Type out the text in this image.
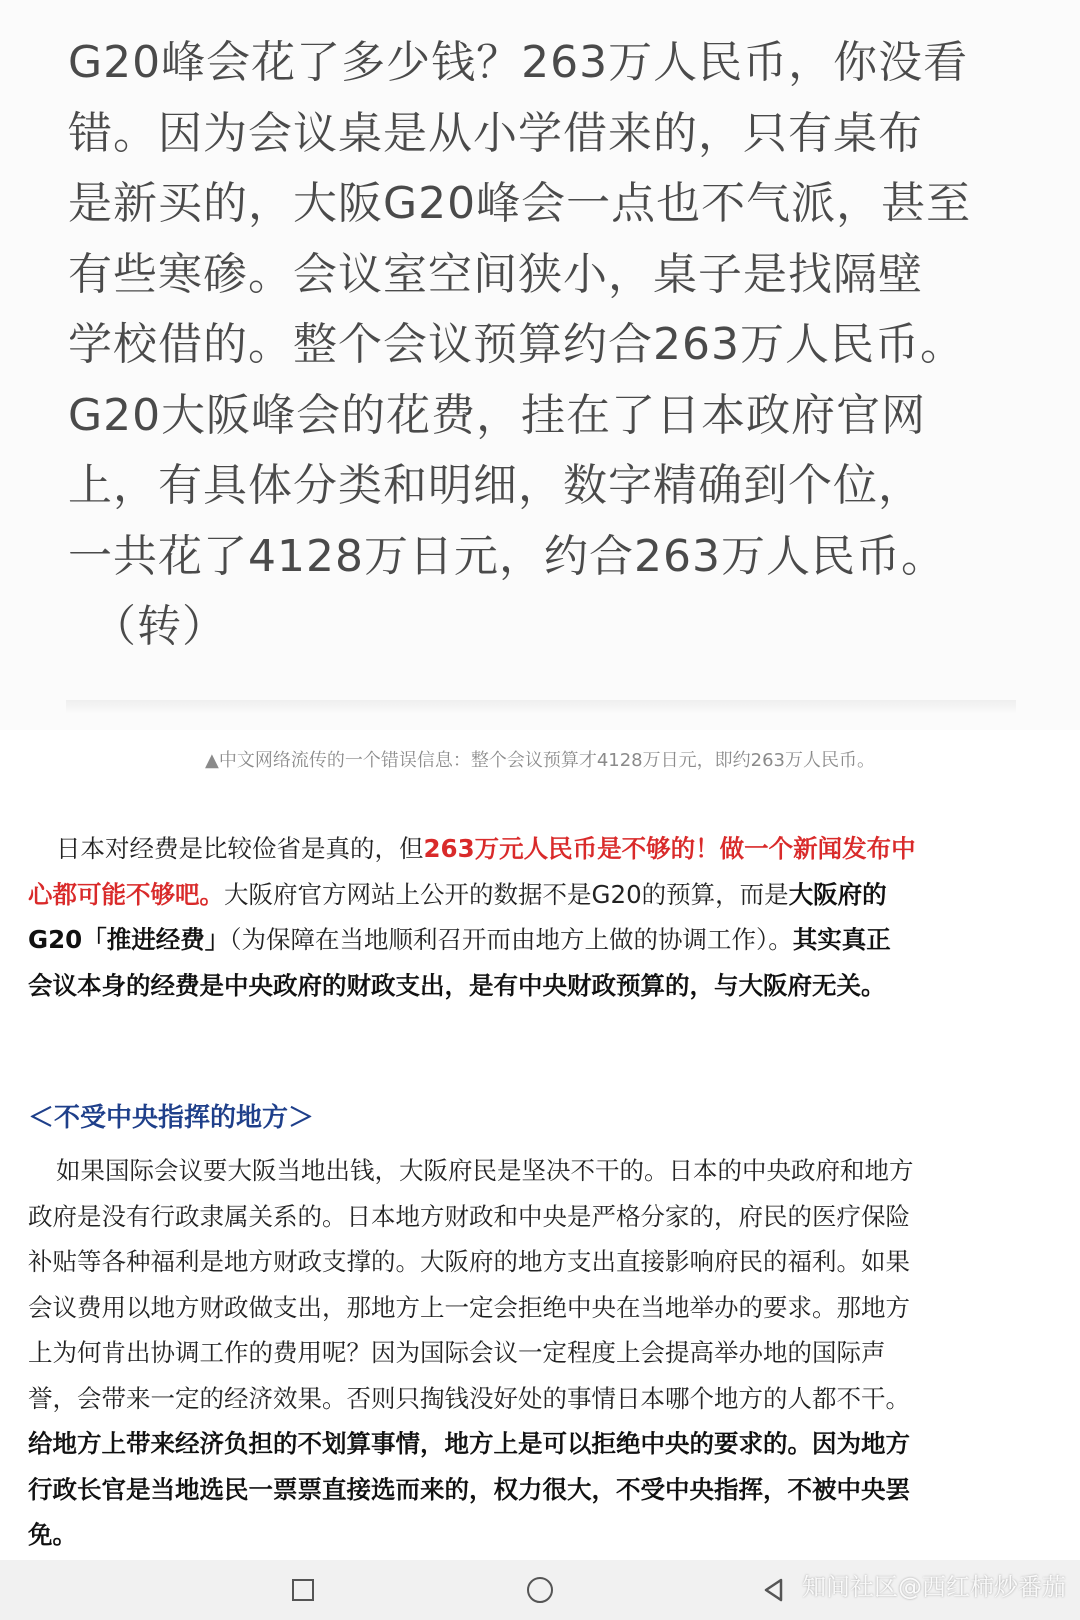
G20峰会花了多少钱？263万人民币，你没看
错。因为会议桌是从小学借来的，只有桌布
是新买的，大阪G20峰会一点也不气派，甚至
有些寒碜。会议室空间狭小，桌子是找隔壁
学校借的。整个会议预算约合263万人民币。
G20大阪峰会的花费，挂在了日本政府官网
上，有具体分类和明细，数字精确到个位，
一共花了4128万日元，约合263万人民币。
（转）
▲中文网络流传的一个错误信息：整个会议预算才4128万日元，即约263万人民币。
日本对经费是比较俭省是真的，但263万元人民币是不够的！做一个新闻发布中
心都可能不够吧。大阪府官方网站上公开的数据不是G20的预算，而是大阪府的
G20「推进经费」（为保障在当地顺利召开而由地方上做的协调工作）。其实真正
会议本身的经费是中央政府的财政支出，是有中央财政预算的，与大阪府无关。
＜不受中央指挥的地方＞
如果国际会议要大阪当地出钱，大阪府民是坚决不干的。日本的中央政府和地方
政府是没有行政隶属关系的。日本地方财政和中央是严格分家的，府民的医疗保险
补贴等各种福利是地方财政支撑的。大阪府的地方支出直接影响府民的福利。如果
会议费用以地方财政做支出，那地方上一定会拒绝中央在当地举办的要求。那地方
上为何肯出协调工作的费用呢？因为国际会议一定程度上会提高举办地的国际声
誉，会带来一定的经济效果。否则只掏钱没好处的事情日本哪个地方的人都不干。
给地方上带来经济负担的不划算事情，地方上是可以拒绝中央的要求的。因为地方
行政长官是当地选民一票票直接选而来的，权力很大，不受中央指挥，不被中央罢
免。
知间社区@西红柿炒番茄
